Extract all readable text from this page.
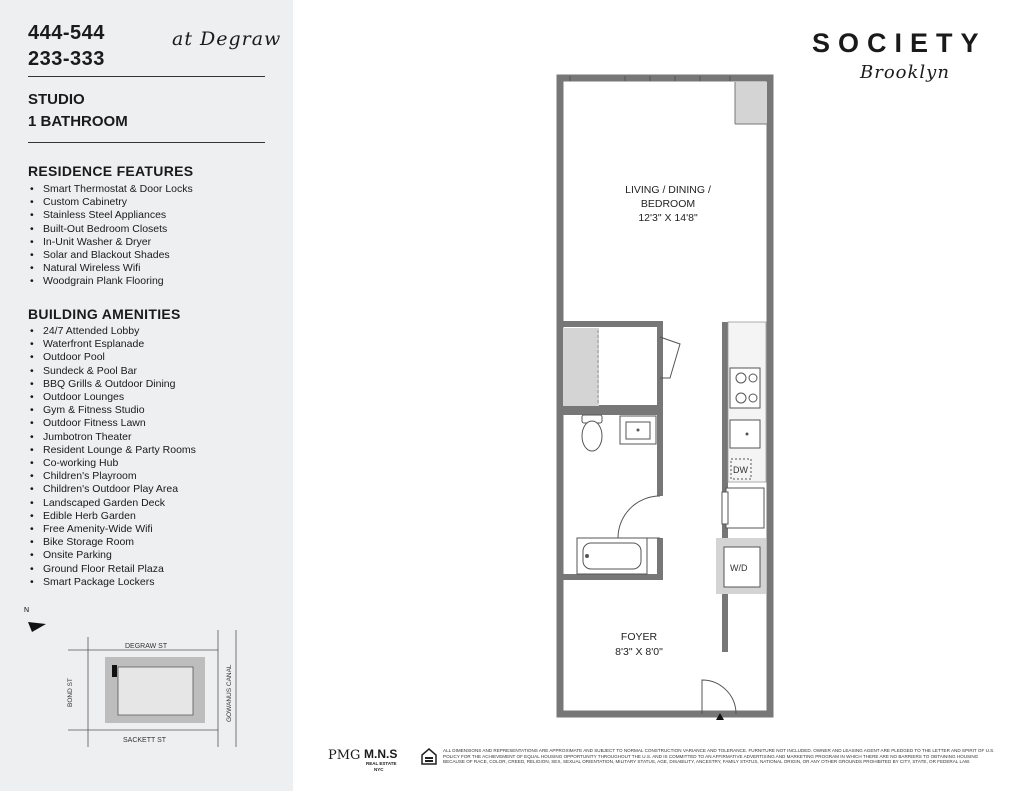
444-544
233-333
at Degraw
STUDIO
1 BATHROOM
RESIDENCE FEATURES
• Smart Thermostat & Door Locks
• Custom Cabinetry
• Stainless Steel Appliances
• Built-Out Bedroom Closets
• In-Unit Washer & Dryer
• Solar and Blackout Shades
• Natural Wireless Wifi
• Woodgrain Plank Flooring
BUILDING AMENITIES
• 24/7 Attended Lobby
• Waterfront Esplanade
• Outdoor Pool
• Sundeck & Pool Bar
• BBQ Grills & Outdoor Dining
• Outdoor Lounges
• Gym & Fitness Studio
• Outdoor Fitness Lawn
• Jumbotron Theater
• Resident Lounge & Party Rooms
• Co-working Hub
• Children's Playroom
• Children's Outdoor Play Area
• Landscaped Garden Deck
• Edible Herb Garden
• Free Amenity-Wide Wifi
• Bike Storage Room
• Onsite Parking
• Ground Floor Retail Plaza
• Smart Package Lockers
N
DEGRAW ST
SACKETT ST
BOND ST	GOWANUS CANAL
SOCIETY
Brooklyn
DW
W/D
LIVING / DINING /
BEDROOM
12'3" X 14'8"
FOYER
8'3" X 8'0"
PMG M.N.S
REAL ESTATE
NYC
ALL DIMENSIONS AND REPRESENTATIONS ARE APPROXIMATE AND SUBJECT TO NORMAL CONSTRUCTION VARIANCE AND TOLERANCE. FURNITURE NOT INCLUDED. OWNER AND LEASING AGENT ARE PLEDGED TO THE LETTER AND SPIRIT OF U.S. POLICY FOR THE ACHIEVEMENT OF EQUAL HOUSING OPPORTUNITY THROUGHOUT THE U.S. AND IS COMMITTED TO AN AFFIRMATIVE ADVERTISING AND MARKETING PROGRAM IN WHICH THERE ARE NO BARRIERS TO OBTAINING HOUSING BECAUSE OF RACE, COLOR, CREED, RELIGION, SEX, SEXUAL ORIENTATION, MILITARY STATUS, AGE, DISABILITY, ANCESTRY, FAMILY STATUS, NATIONAL ORIGIN, OR ANY OTHER GROUNDS PROHIBITED BY CITY, STATE, OR FEDERAL LAW.
